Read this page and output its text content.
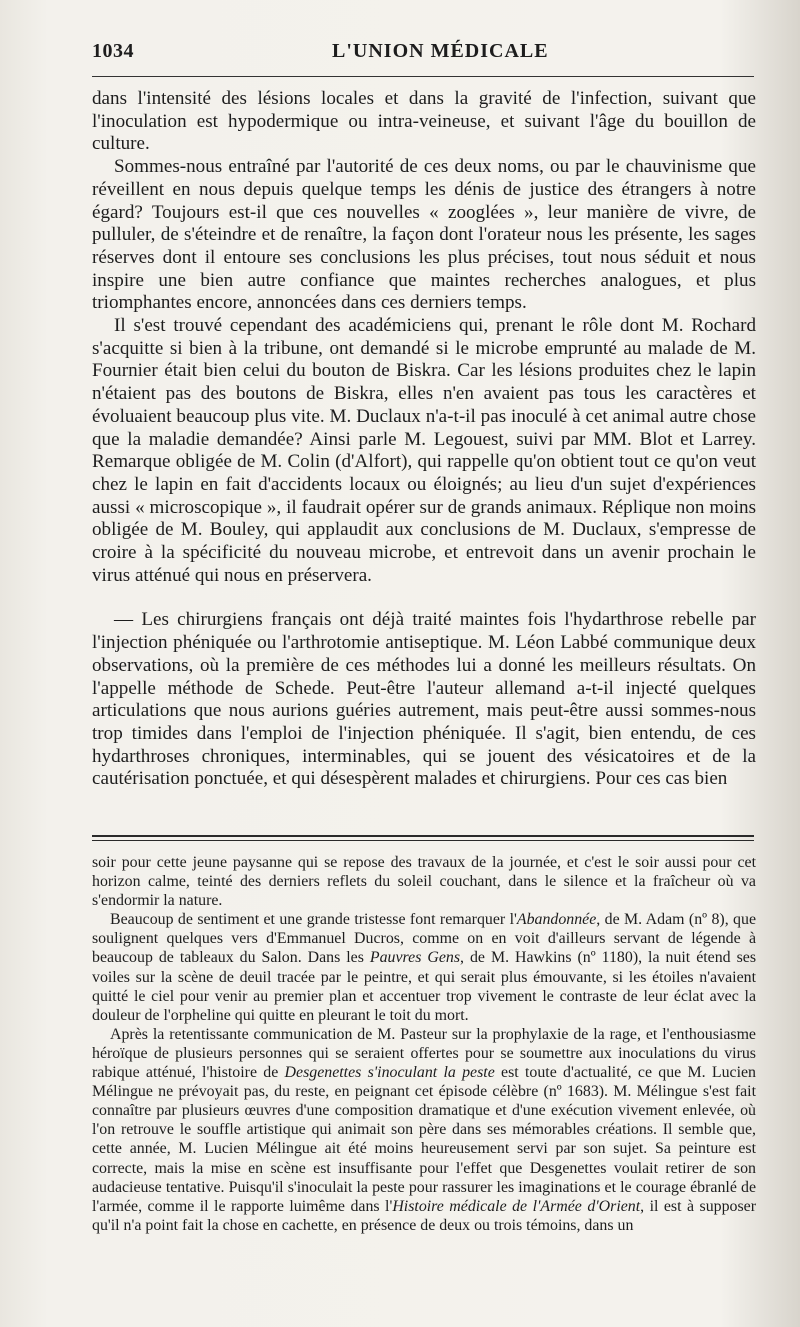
1034	L'UNION MÉDICALE

dans l'intensité des lésions locales et dans la gravité de l'infection, suivant que l'inoculation est hypodermique ou intra-veineuse, et suivant l'âge du bouillon de culture.

Sommes-nous entraîné par l'autorité de ces deux noms, ou par le chauvinisme que réveillent en nous depuis quelque temps les dénis de justice des étrangers à notre égard? Toujours est-il que ces nouvelles « zooglées », leur manière de vivre, de pulluler, de s'éteindre et de renaître, la façon dont l'orateur nous les présente, les sages réserves dont il entoure ses conclusions les plus précises, tout nous séduit et nous inspire une bien autre confiance que maintes recherches analogues, et plus triomphantes encore, annoncées dans ces derniers temps.

Il s'est trouvé cependant des académiciens qui, prenant le rôle dont M. Rochard s'acquitte si bien à la tribune, ont demandé si le microbe emprunté au malade de M. Fournier était bien celui du bouton de Biskra. Car les lésions produites chez le lapin n'étaient pas des boutons de Biskra, elles n'en avaient pas tous les caractères et évoluaient beaucoup plus vite. M. Duclaux n'a-t-il pas inoculé à cet animal autre chose que la maladie demandée? Ainsi parle M. Legouest, suivi par MM. Blot et Larrey. Remarque obligée de M. Colin (d'Alfort), qui rappelle qu'on obtient tout ce qu'on veut chez le lapin en fait d'accidents locaux ou éloignés; au lieu d'un sujet d'expériences aussi « microscopique », il faudrait opérer sur de grands animaux. Réplique non moins obligée de M. Bouley, qui applaudit aux conclusions de M. Duclaux, s'empresse de croire à la spécificité du nouveau microbe, et entrevoit dans un avenir prochain le virus atténué qui nous en préservera.

— Les chirurgiens français ont déjà traité maintes fois l'hydarthrose rebelle par l'injection phéniquée ou l'arthrotomie antiseptique. M. Léon Labbé communique deux observations, où la première de ces méthodes lui a donné les meilleurs résultats. On l'appelle méthode de Schede. Peut-être l'auteur allemand a-t-il injecté quelques articulations que nous aurions guéries autrement, mais peut-être aussi sommes-nous trop timides dans l'emploi de l'injection phéniquée. Il s'agit, bien entendu, de ces hydarthroses chroniques, interminables, qui se jouent des vésicatoires et de la cautérisation ponctuée, et qui désespèrent malades et chirurgiens. Pour ces cas bien

soir pour cette jeune paysanne qui se repose des travaux de la journée, et c'est le soir aussi pour cet horizon calme, teinté des derniers reflets du soleil couchant, dans le silence et la fraîcheur où va s'endormir la nature.

Beaucoup de sentiment et une grande tristesse font remarquer l'Abandonnée, de M. Adam (nº 8), que soulignent quelques vers d'Emmanuel Ducros, comme on en voit d'ailleurs servant de légende à beaucoup de tableaux du Salon. Dans les Pauvres Gens, de M. Hawkins (nº 1180), la nuit étend ses voiles sur la scène de deuil tracée par le peintre, et qui serait plus émouvante, si les étoiles n'avaient quitté le ciel pour venir au premier plan et accentuer trop vivement le contraste de leur éclat avec la douleur de l'orpheline qui quitte en pleurant le toit du mort.

Après la retentissante communication de M. Pasteur sur la prophylaxie de la rage, et l'enthousiasme héroïque de plusieurs personnes qui se seraient offertes pour se soumettre aux inoculations du virus rabique atténué, l'histoire de Desgenettes s'inoculant la peste est toute d'actualité, ce que M. Lucien Mélingue ne prévoyait pas, du reste, en peignant cet épisode célèbre (nº 1683). M. Mélingue s'est fait connaître par plusieurs œuvres d'une composition dramatique et d'une exécution vivement enlevée, où l'on retrouve le souffle artistique qui animait son père dans ses mémorables créations. Il semble que, cette année, M. Lucien Mélingue ait été moins heureusement servi par son sujet. Sa peinture est correcte, mais la mise en scène est insuffisante pour l'effet que Desgenettes voulait retirer de son audacieuse tentative. Puisqu'il s'inoculait la peste pour rassurer les imaginations et le courage ébranlé de l'armée, comme il le rapporte luimême dans l'Histoire médicale de l'Armée d'Orient, il est à supposer qu'il n'a point fait la chose en cachette, en présence de deux ou trois témoins, dans un
